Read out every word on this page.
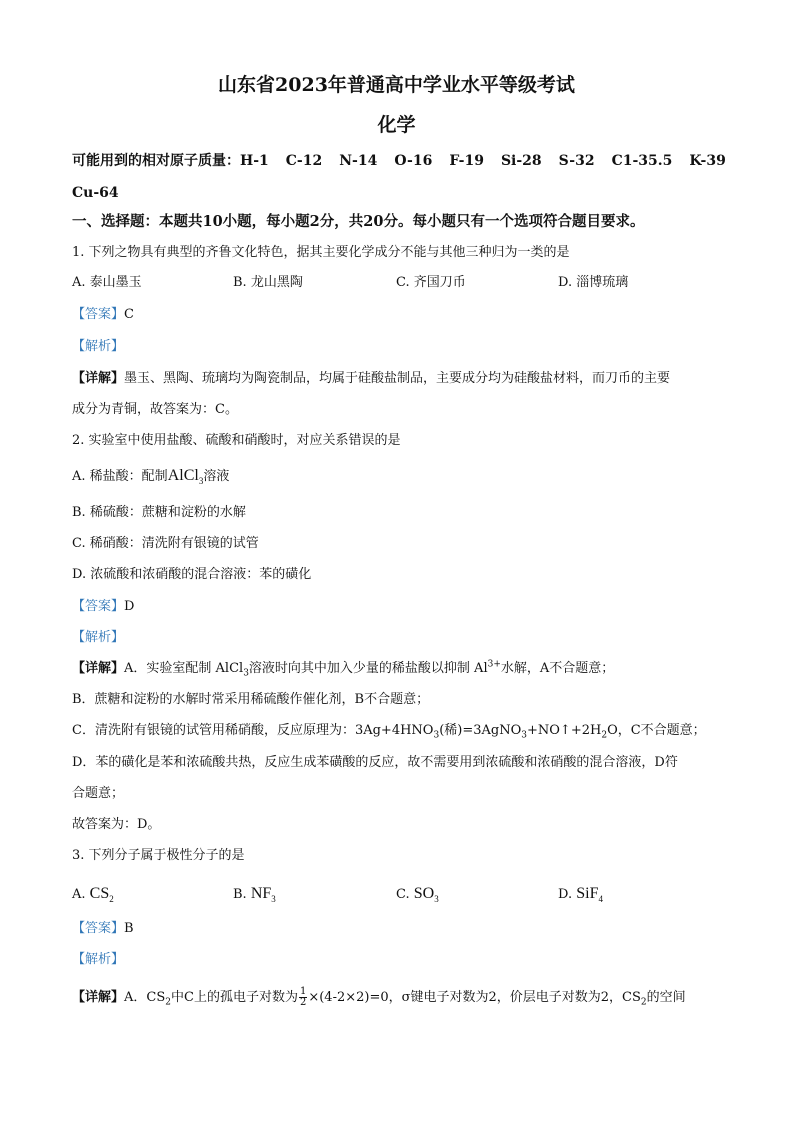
山东省2023年普通高中学业水平等级考试
化学
可能用到的相对原子质量：H-1 C-12 N-14 O-16 F-19 Si-28 S-32 C1-35.5 K-39
Cu-64
一、选择题：本题共10小题，每小题2分，共20分。每小题只有一个选项符合题目要求。
1. 下列之物具有典型的齐鲁文化特色，据其主要化学成分不能与其他三种归为一类的是
A. 泰山墨玉	B. 龙山黑陶	C. 齐国刀币	D. 淄博琉璃
【答案】C
【解析】
【详解】墨玉、黑陶、琉璃均为陶瓷制品，均属于硅酸盐制品，主要成分均为硅酸盐材料，而刀币的主要
成分为青铜，故答案为：C。
2. 实验室中使用盐酸、硫酸和硝酸时，对应关系错误的是
A. 稀盐酸：配制AlCl$_3$溶液
B. 稀硫酸：蔗糖和淀粉的水解
C. 稀硝酸：清洗附有银镜的试管
D. 浓硫酸和浓硝酸的混合溶液：苯的磺化
【答案】D
【解析】
【详解】A．实验室配制 AlCl$_3$溶液时向其中加入少量的稀盐酸以抑制 $Al^{3+}$水解，A不合题意；
B．蔗糖和淀粉的水解时常采用稀硫酸作催化剂，B不合题意；
C．清洗附有银镜的试管用稀硝酸，反应原理为：$3Ag+4HNO_3$(稀)$=3AgNO_3+NO↑+2H_2O$，C不合题意；
D．苯的磺化是苯和浓硫酸共热，反应生成苯磺酸的反应，故不需要用到浓硫酸和浓硝酸的混合溶液，D符
合题意；
故答案为：D。
3. 下列分子属于极性分子的是
A. $CS_2$	B. $NF_3$	C. $SO_3$	D. SiF$_4$
【答案】B
【解析】
【详解】A．$CS_2$中C上的孤电子对数为 $\frac{1}{2} \times(4-2\times 2)=0$，σ键电子对数为2，价层电子对数为2，$CS_2$的空间
